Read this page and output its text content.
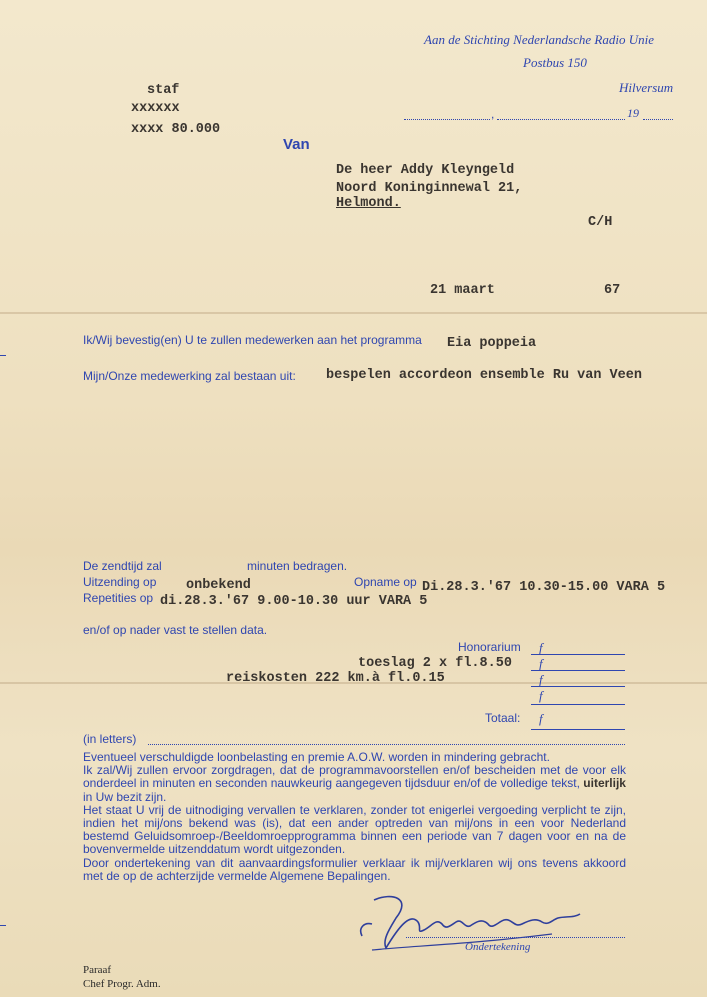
Aan de Stichting Nederlandsche Radio Unie
Postbus 150
Hilversum
,	19
staf
xxxxxx
xxxx 80.000
Van
De heer Addy Kleyngeld
Noord Koninginnewal 21,
Helmond.
C/H
21 maart	67
Ik/Wij bevestig(en) U te zullen medewerken aan het programma Eia poppeia
Mijn/Onze medewerking zal bestaan uit: bespelen accordeon ensemble Ru van Veen
De zendtijd zal	minuten bedragen.
Uitzending op onbekend	Opname op Di.28.3.'67 10.30-15.00 VARA 5
Repetities op di.28.3.'67 9.00-10.30 uur VARA 5
en/of op nader vast te stellen data.
Honorarium f
toeslag 2 x fl.8.50 f
reiskosten 222 km.à fl.0.15	f
f
Totaal: f
(in letters)

Eventueel verschuldigde loonbelasting en premie A.O.W. worden in mindering gebracht.

Ik zal/Wij zullen ervoor zorgdragen, dat de programmavoorstellen en/of bescheiden met de voor elk onderdeel in minuten en seconden nauwkeurig aangegeven tijdsduur en/of de volledige tekst, uiterlijk in Uw bezit zijn.

Het staat U vrij de uitnodiging vervallen te verklaren, zonder tot enigerlei vergoeding verplicht te zijn, indien het mij/ons bekend was (is), dat een ander optreden van mij/ons in een voor Nederland bestemd Geluidsomroep-/Beeldomroepprogramma binnen een periode van 7 dagen voor en na de bovenvermelde uitzenddatum wordt uitgezonden.

Door ondertekening van dit aanvaardingsformulier verklaar ik mij/verklaren wij ons tevens akkoord met de op de achterzijde vermelde Algemene Bepalingen.

Ondertekening
Paraaf
Chef Progr. Adm.
